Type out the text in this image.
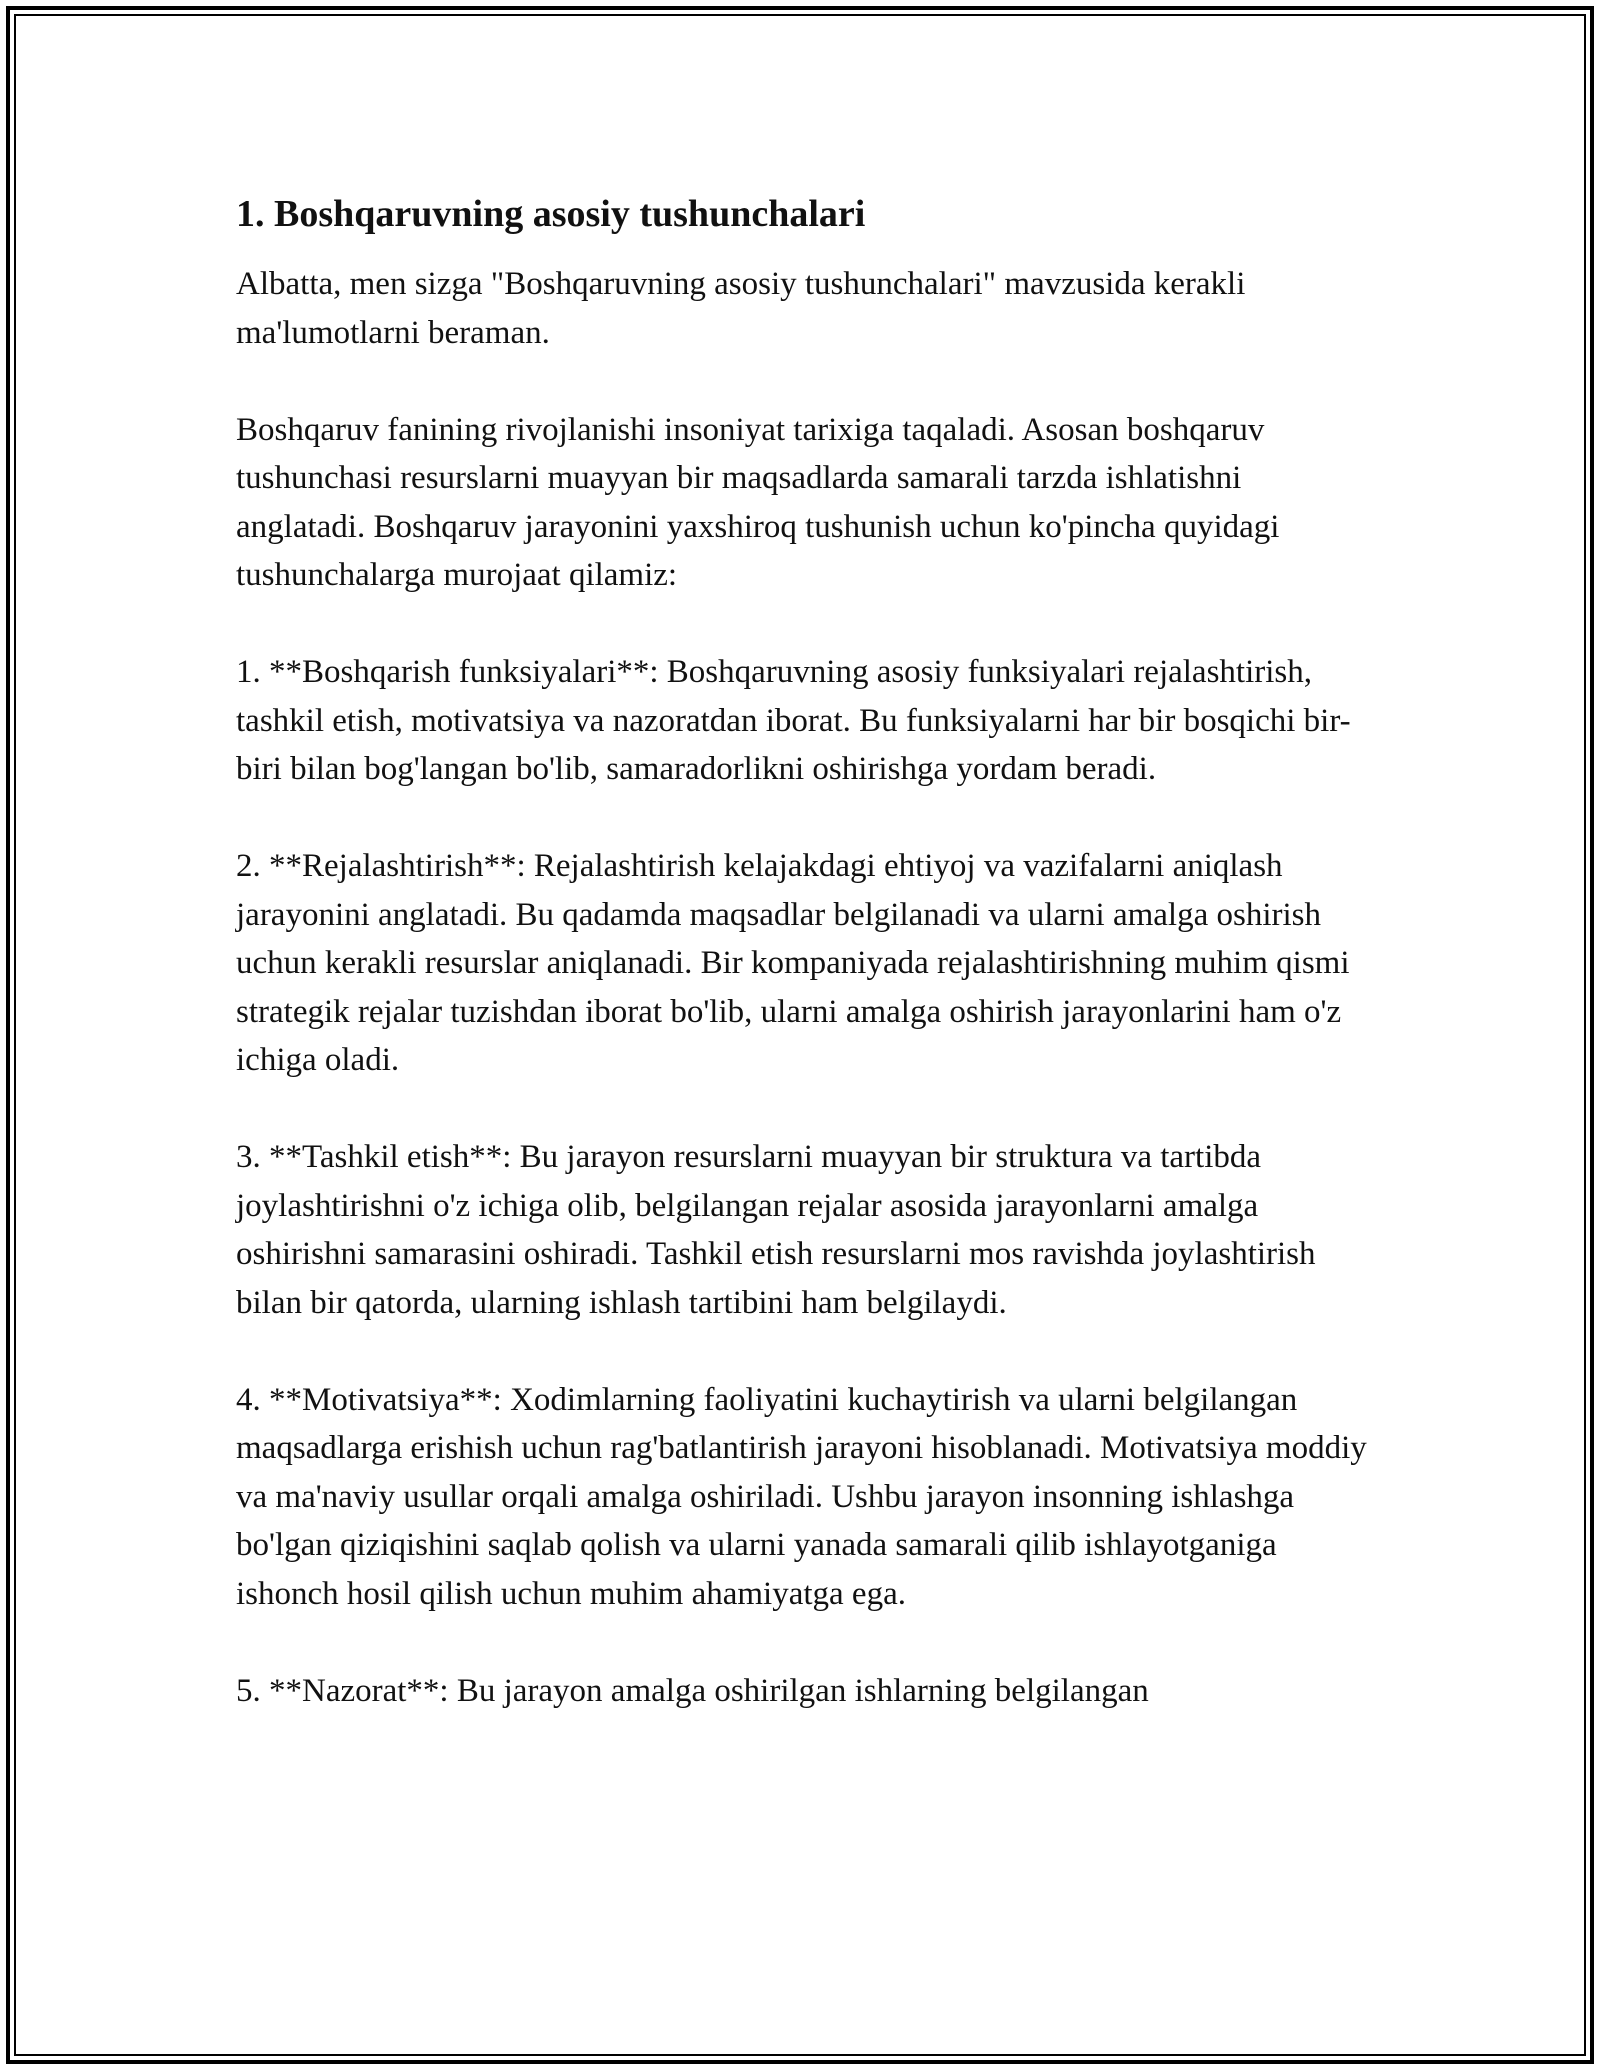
1. Boshqaruvning asosiy tushunchalari

Albatta, men sizga "Boshqaruvning asosiy tushunchalari" mavzusida kerakli ma'lumotlarni beraman.

Boshqaruv fanining rivojlanishi insoniyat tarixiga taqaladi. Asosan boshqaruv tushunchasi resurslarni muayyan bir maqsadlarda samarali tarzda ishlatishni anglatadi. Boshqaruv jarayonini yaxshiroq tushunish uchun ko'pincha quyidagi tushunchalarga murojaat qilamiz:

1. **Boshqarish funksiyalari**: Boshqaruvning asosiy funksiyalari rejalashtirish, tashkil etish, motivatsiya va nazoratdan iborat. Bu funksiyalarni har bir bosqichi bir-biri bilan bog'langan bo'lib, samaradorlikni oshirishga yordam beradi.

2. **Rejalashtirish**: Rejalashtirish kelajakdagi ehtiyoj va vazifalarni aniqlash jarayonini anglatadi. Bu qadamda maqsadlar belgilanadi va ularni amalga oshirish uchun kerakli resurslar aniqlanadi. Bir kompaniyada rejalashtirishning muhim qismi strategik rejalar tuzishdan iborat bo'lib, ularni amalga oshirish jarayonlarini ham o'z ichiga oladi.

3. **Tashkil etish**: Bu jarayon resurslarni muayyan bir struktura va tartibda joylashtirishni o'z ichiga olib, belgilangan rejalar asosida jarayonlarni amalga oshirishni samarasini oshiradi. Tashkil etish resurslarni mos ravishda joylashtirish bilan bir qatorda, ularning ishlash tartibini ham belgilaydi.

4. **Motivatsiya**: Xodimlarning faoliyatini kuchaytirish va ularni belgilangan maqsadlarga erishish uchun rag'batlantirish jarayoni hisoblanadi. Motivatsiya moddiy va ma'naviy usullar orqali amalga oshiriladi. Ushbu jarayon insonning ishlashga bo'lgan qiziqishini saqlab qolish va ularni yanada samarali qilib ishlayotganiga ishonch hosil qilish uchun muhim ahamiyatga ega.

5. **Nazorat**: Bu jarayon amalga oshirilgan ishlarning belgilangan
